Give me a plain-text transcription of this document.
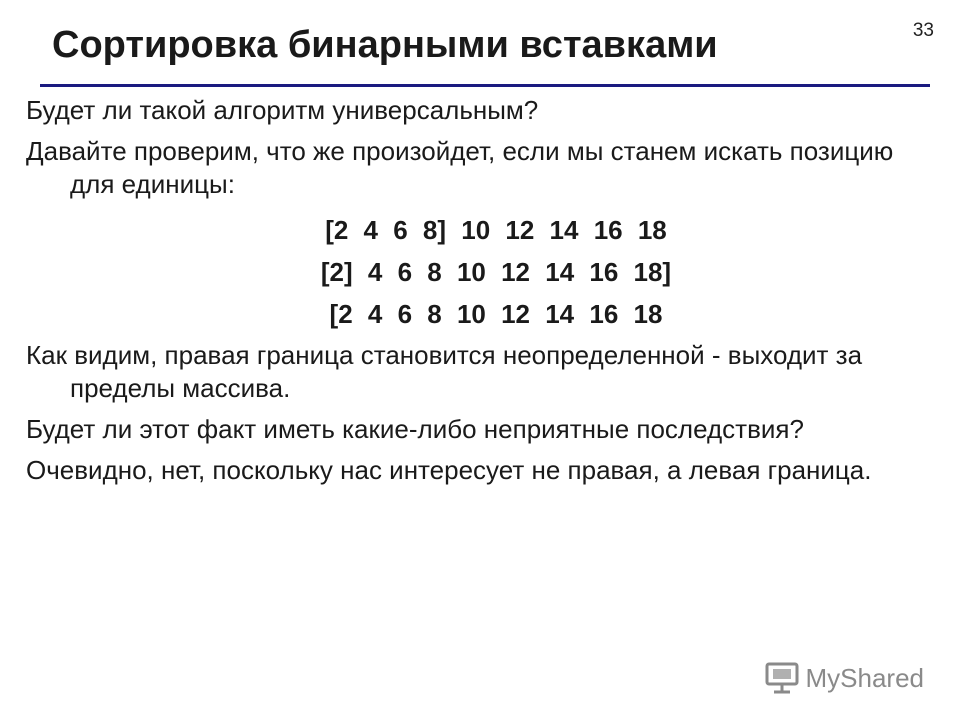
33
Сортировка бинарными вставками

Будет ли такой алгоритм универсальным?

Давайте проверим, что же произойдет, если мы станем искать позицию для единицы:

[2 4 6 8] 10 12 14 16 18
[2] 4 6 8 10 12 14 16 18]
[2 4 6 8 10 12 14 16 18

Как видим, правая граница становится неопределенной - выходит за пределы массива.

Будет ли этот факт иметь какие-либо неприятные последствия?

Очевидно, нет, поскольку нас интересует не правая, а левая граница.

MyShared
